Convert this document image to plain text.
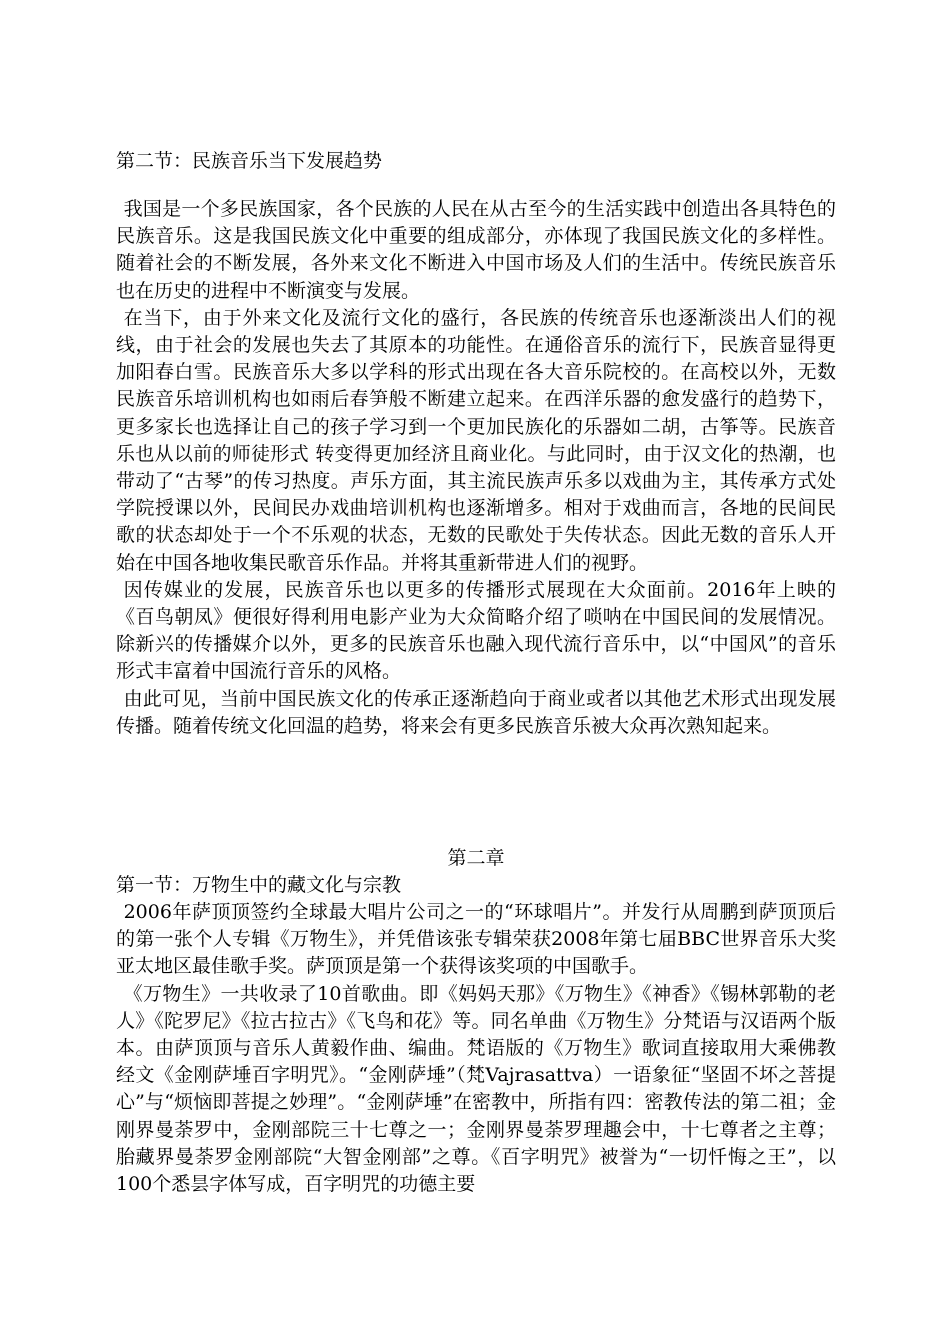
第二节：民族音乐当下发展趋势

我国是一个多民族国家，各个民族的人民在从古至今的生活实践中创造出各具特色的民族音乐。这是我国民族文化中重要的组成部分，亦体现了我国民族文化的多样性。随着社会的不断发展，各外来文化不断进入中国市场及人们的生活中。传统民族音乐也在历史的进程中不断演变与发展。

在当下，由于外来文化及流行文化的盛行，各民族的传统音乐也逐渐淡出人们的视线，由于社会的发展也失去了其原本的功能性。在通俗音乐的流行下，民族音显得更加阳春白雪。民族音乐大多以学科的形式出现在各大音乐院校的。在高校以外，无数民族音乐培训机构也如雨后春笋般不断建立起来。在西洋乐器的愈发盛行的趋势下，更多家长也选择让自己的孩子学习到一个更加民族化的乐器如二胡，古筝等。民族音乐也从以前的师徒形式 转变得更加经济且商业化。与此同时，由于汉文化的热潮，也带动了“古琴”的传习热度。声乐方面，其主流民族声乐多以戏曲为主，其传承方式处学院授课以外，民间民办戏曲培训机构也逐渐增多。相对于戏曲而言，各地的民间民歌的状态却处于一个不乐观的状态，无数的民歌处于失传状态。因此无数的音乐人开始在中国各地收集民歌音乐作品。并将其重新带进人们的视野。

因传媒业的发展，民族音乐也以更多的传播形式展现在大众面前。2016年上映的《百鸟朝凤》便很好得利用电影产业为大众简略介绍了唢呐在中国民间的发展情况。除新兴的传播媒介以外，更多的民族音乐也融入现代流行音乐中，以“中国风”的音乐形式丰富着中国流行音乐的风格。

由此可见，当前中国民族文化的传承正逐渐趋向于商业或者以其他艺术形式出现发展传播。随着传统文化回温的趋势，将来会有更多民族音乐被大众再次熟知起来。

第二章

第一节：万物生中的藏文化与宗教

2006年萨顶顶签约全球最大唱片公司之一的“环球唱片”。并发行从周鹏到萨顶顶后的第一张个人专辑《万物生》，并凭借该张专辑荣获2008年第七届BBC世界音乐大奖亚太地区最佳歌手奖。萨顶顶是第一个获得该奖项的中国歌手。

《万物生》一共收录了10首歌曲。即《妈妈天那》《万物生》《神香》《锡林郭勒的老人》《陀罗尼》《拉古拉古》《飞鸟和花》等。同名单曲《万物生》分梵语与汉语两个版本。由萨顶顶与音乐人黄毅作曲、编曲。梵语版的《万物生》歌词直接取用大乘佛教经文《金刚萨埵百字明咒》。“金刚萨埵”（梵Vajrasattva）一语象征“坚固不坏之菩提心”与“烦恼即菩提之妙理”。“金刚萨埵”在密教中，所指有四：密教传法的第二祖；金刚界曼荼罗中，金刚部院三十七尊之一；金刚界曼荼罗理趣会中，十七尊者之主尊；胎藏界曼荼罗金刚部院“大智金刚部”之尊。《百字明咒》被誉为“一切忏悔之王”，以100个悉昙字体写成，百字明咒的功德主要
